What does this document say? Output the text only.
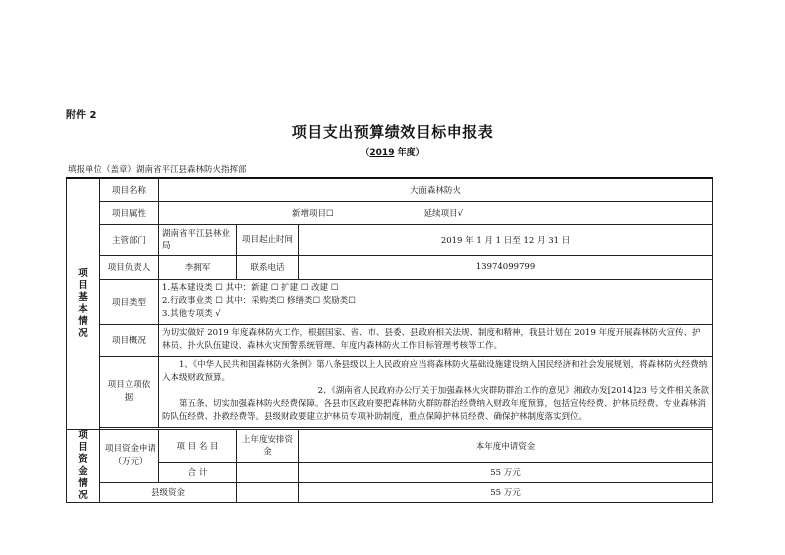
附件 2
项目支出预算绩效目标申报表
（2019 年度）
填报单位（盖章）湖南省平江县森林防火指挥部
项目基本情况	项目名称	大面森林防火		
	项目属性	新增项目☐ 延续项目√		
	主管部门	湖南省平江县林业局	项目起止时间	2019 年 1 月 1 日至 12 月 31 日
	项目负责人	李拥军	联系电话	13974099799
	项目类型	1.基本建设类 ☐ 其中：新建 ☐ 扩建 ☐ 改建 ☐
2.行政事业类 ☐ 其中：采购类☐ 修缮类☐ 奖励类☐
3.其他专项类 √		

	项目概况	为切实做好 2019 年度森林防火工作，根据国家、省、市、县委、县政府相关法规、制度和精神，我县计划在 2019 年度开展森林防火宣传、护林员、扑火队伍建设、森林火灾预警系统管理、年度内森林防火工作目标管理考核等工作。		

	项目立项依据	1、《中华人民共和国森林防火条例》第八条县级以上人民政府应当将森林防火基础设施建设纳入国民经济和社会发展规划，将森林防火经费纳入本级财政预算。

2、《湖南省人民政府办公厅关于加强森林火灾群防群治工作的意见》湘政办发[2014]23 号文件相关条款

第五条、切实加强森林防火经费保障。各县市区政府要把森林防火群防群治经费纳入财政年度预算，包括宣传经费、护林员经费、专业森林消防队伍经费、扑救经费等。县级财政要建立护林员专项补助制度，重点保障护林员经费、确保护林制度落实到位。		

项目资金情况	项目资金申请（万元）	项 目 名 目	上年度安排资金	本年度申请资金
		合 计		55 万元
	县级资金			55 万元
